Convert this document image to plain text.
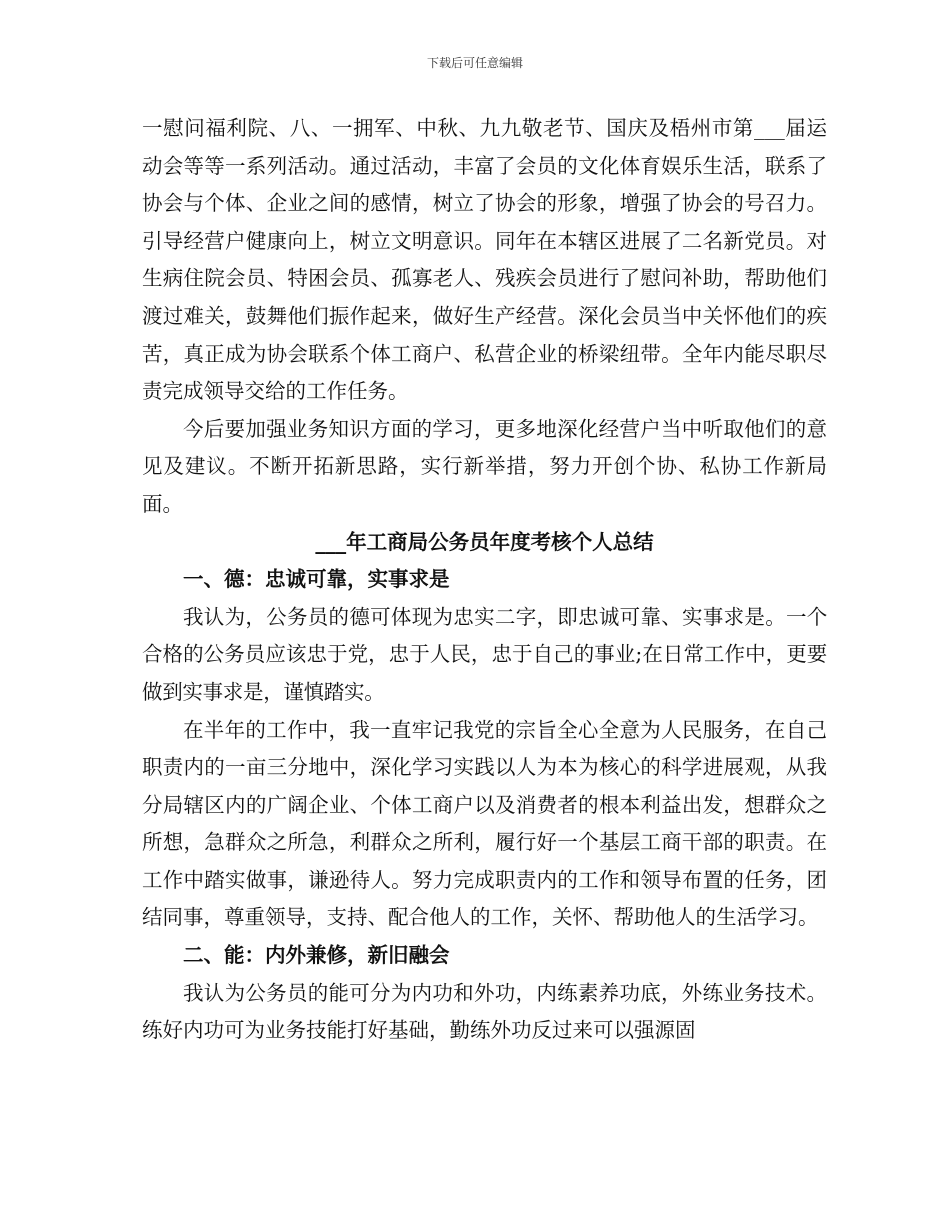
下载后可任意编辑

一慰问福利院、八、一拥军、中秋、九九敬老节、国庆及梧州市第___届运动会等等一系列活动。通过活动，丰富了会员的文化体育娱乐生活，联系了协会与个体、企业之间的感情，树立了协会的形象，增强了协会的号召力。引导经营户健康向上，树立文明意识。同年在本辖区进展了二名新党员。对生病住院会员、特困会员、孤寡老人、残疾会员进行了慰问补助，帮助他们渡过难关，鼓舞他们振作起来，做好生产经营。深化会员当中关怀他们的疾苦，真正成为协会联系个体工商户、私营企业的桥梁纽带。全年内能尽职尽责完成领导交给的工作任务。

今后要加强业务知识方面的学习，更多地深化经营户当中听取他们的意见及建议。不断开拓新思路，实行新举措，努力开创个协、私协工作新局面。

___年工商局公务员年度考核个人总结

一、德：忠诚可靠，实事求是

我认为，公务员的德可体现为忠实二字，即忠诚可靠、实事求是。一个合格的公务员应该忠于党，忠于人民，忠于自己的事业;在日常工作中，更要做到实事求是，谨慎踏实。

在半年的工作中，我一直牢记我党的宗旨全心全意为人民服务，在自己职责内的一亩三分地中，深化学习实践以人为本为核心的科学进展观，从我分局辖区内的广阔企业、个体工商户以及消费者的根本利益出发，想群众之所想，急群众之所急，利群众之所利，履行好一个基层工商干部的职责。在工作中踏实做事，谦逊待人。努力完成职责内的工作和领导布置的任务，团结同事，尊重领导，支持、配合他人的工作，关怀、帮助他人的生活学习。

二、能：内外兼修，新旧融会

我认为公务员的能可分为内功和外功，内练素养功底，外练业务技术。练好内功可为业务技能打好基础，勤练外功反过来可以强源固
